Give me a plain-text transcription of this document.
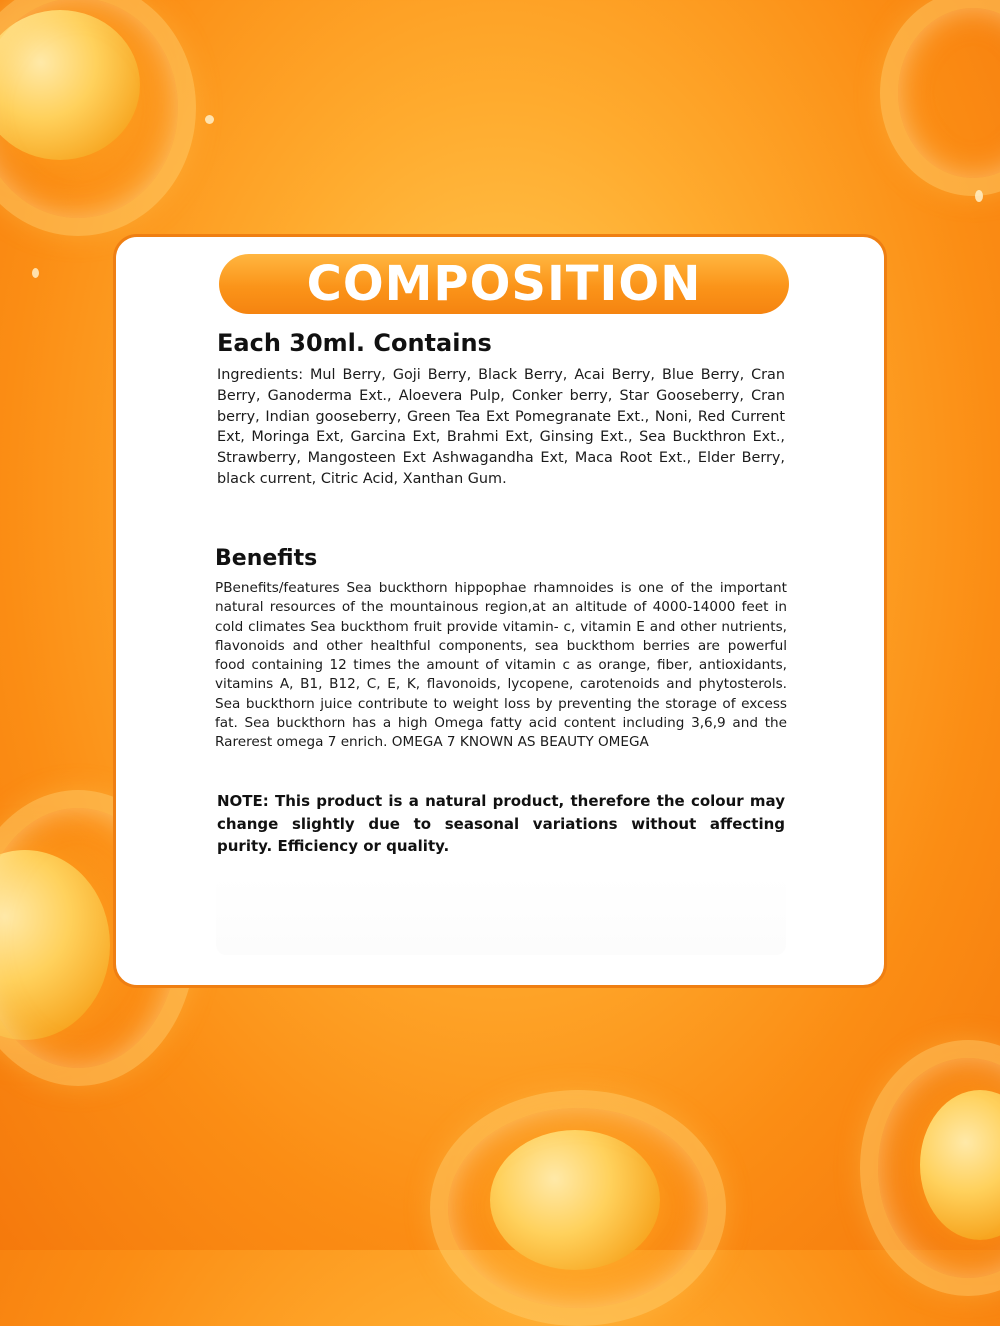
COMPOSITION
Each 30ml. Contains

Ingredients: Mul Berry, Goji Berry, Black Berry, Acai Berry, Blue Berry, Cran Berry, Ganoderma Ext., Aloevera Pulp, Conker berry, Star Gooseberry, Cran berry, Indian gooseberry, Green Tea Ext Pomegranate Ext., Noni, Red Current Ext, Moringa Ext, Garcina Ext, Brahmi Ext, Ginsing Ext., Sea Buckthron Ext., Strawberry, Mangosteen Ext Ashwagandha Ext, Maca Root Ext., Elder Berry, black current, Citric Acid, Xanthan Gum.

Benefits

PBenefits/features Sea buckthorn hippophae rhamnoides is one of the important natural resources of the mountainous region,at an altitude of 4000-14000 feet in cold climates Sea buckthom fruit provide vitamin- c, vitamin E and other nutrients, flavonoids and other healthful components, sea buckthom berries are powerful food containing 12 times the amount of vitamin c as orange, fiber, antioxidants, vitamins A, B1, B12, C, E, K, flavonoids, lycopene, carotenoids and phytosterols. Sea buckthorn juice contribute to weight loss by preventing the storage of excess fat. Sea buckthorn has a high Omega fatty acid content including 3,6,9 and the Rarerest omega 7 enrich. OMEGA 7 KNOWN AS BEAUTY OMEGA

NOTE: This product is a natural product, therefore the colour may change slightly due to seasonal variations without affecting purity. Efficiency or quality.
